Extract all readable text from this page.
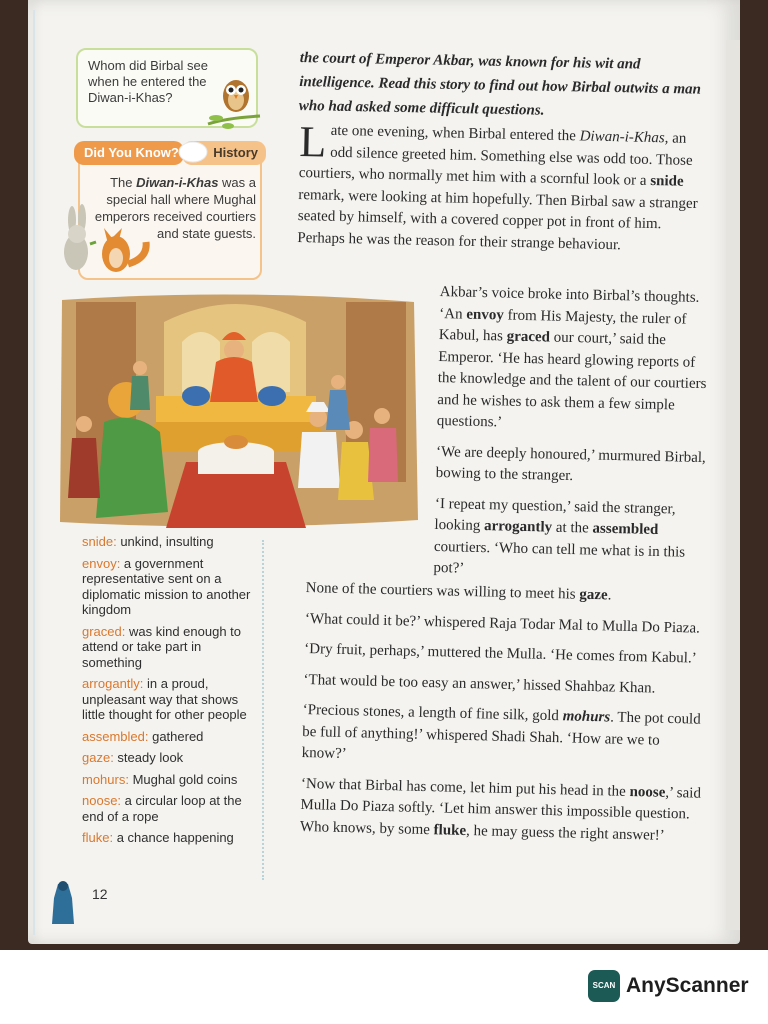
Whom did Birbal see when he entered the Diwan-i-Khas?
Did You Know?	History
The Diwan-i-Khas was a special hall where Mughal emperors received courtiers and state guests.
the court of Emperor Akbar, was known for his wit and intelligence. Read this story to find out how Birbal outwits a man who had asked some difficult questions.
Late one evening, when Birbal entered the Diwan-i-Khas, an odd silence greeted him. Something else was odd too. Those courtiers, who normally met him with a scornful look or a snide remark, were looking at him hopefully. Then Birbal saw a stranger seated by himself, with a covered copper pot in front of him. Perhaps he was the reason for their strange behaviour.

Akbar’s voice broke into Birbal’s thoughts. ‘An envoy from His Majesty, the ruler of Kabul, has graced our court,’ said the Emperor. ‘He has heard glowing reports of the knowledge and the talent of our courtiers and he wishes to ask them a few simple questions.’

‘We are deeply honoured,’ murmured Birbal, bowing to the stranger.

‘I repeat my question,’ said the stranger, looking arrogantly at the assembled courtiers. ‘Who can tell me what is in this pot?’

None of the courtiers was willing to meet his gaze.

‘What could it be?’ whispered Raja Todar Mal to Mulla Do Piaza.

‘Dry fruit, perhaps,’ muttered the Mulla. ‘He comes from Kabul.’

‘That would be too easy an answer,’ hissed Shahbaz Khan.

‘Precious stones, a length of fine silk, gold mohurs. The pot could be full of anything!’ whispered Shadi Shah. ‘How are we to know?’

‘Now that Birbal has come, let him put his head in the noose,’ said Mulla Do Piaza softly. ‘Let him answer this impossible question. Who knows, by some fluke, he may guess the right answer!’

snide: unkind, insulting
envoy: a government representative sent on a diplomatic mission to another kingdom
graced: was kind enough to attend or take part in something
arrogantly: in a proud, unpleasant way that shows little thought for other people
assembled: gathered
gaze: steady look
mohurs: Mughal gold coins
noose: a circular loop at the end of a rope
fluke: a chance happening
12
SCAN AnyScanner
